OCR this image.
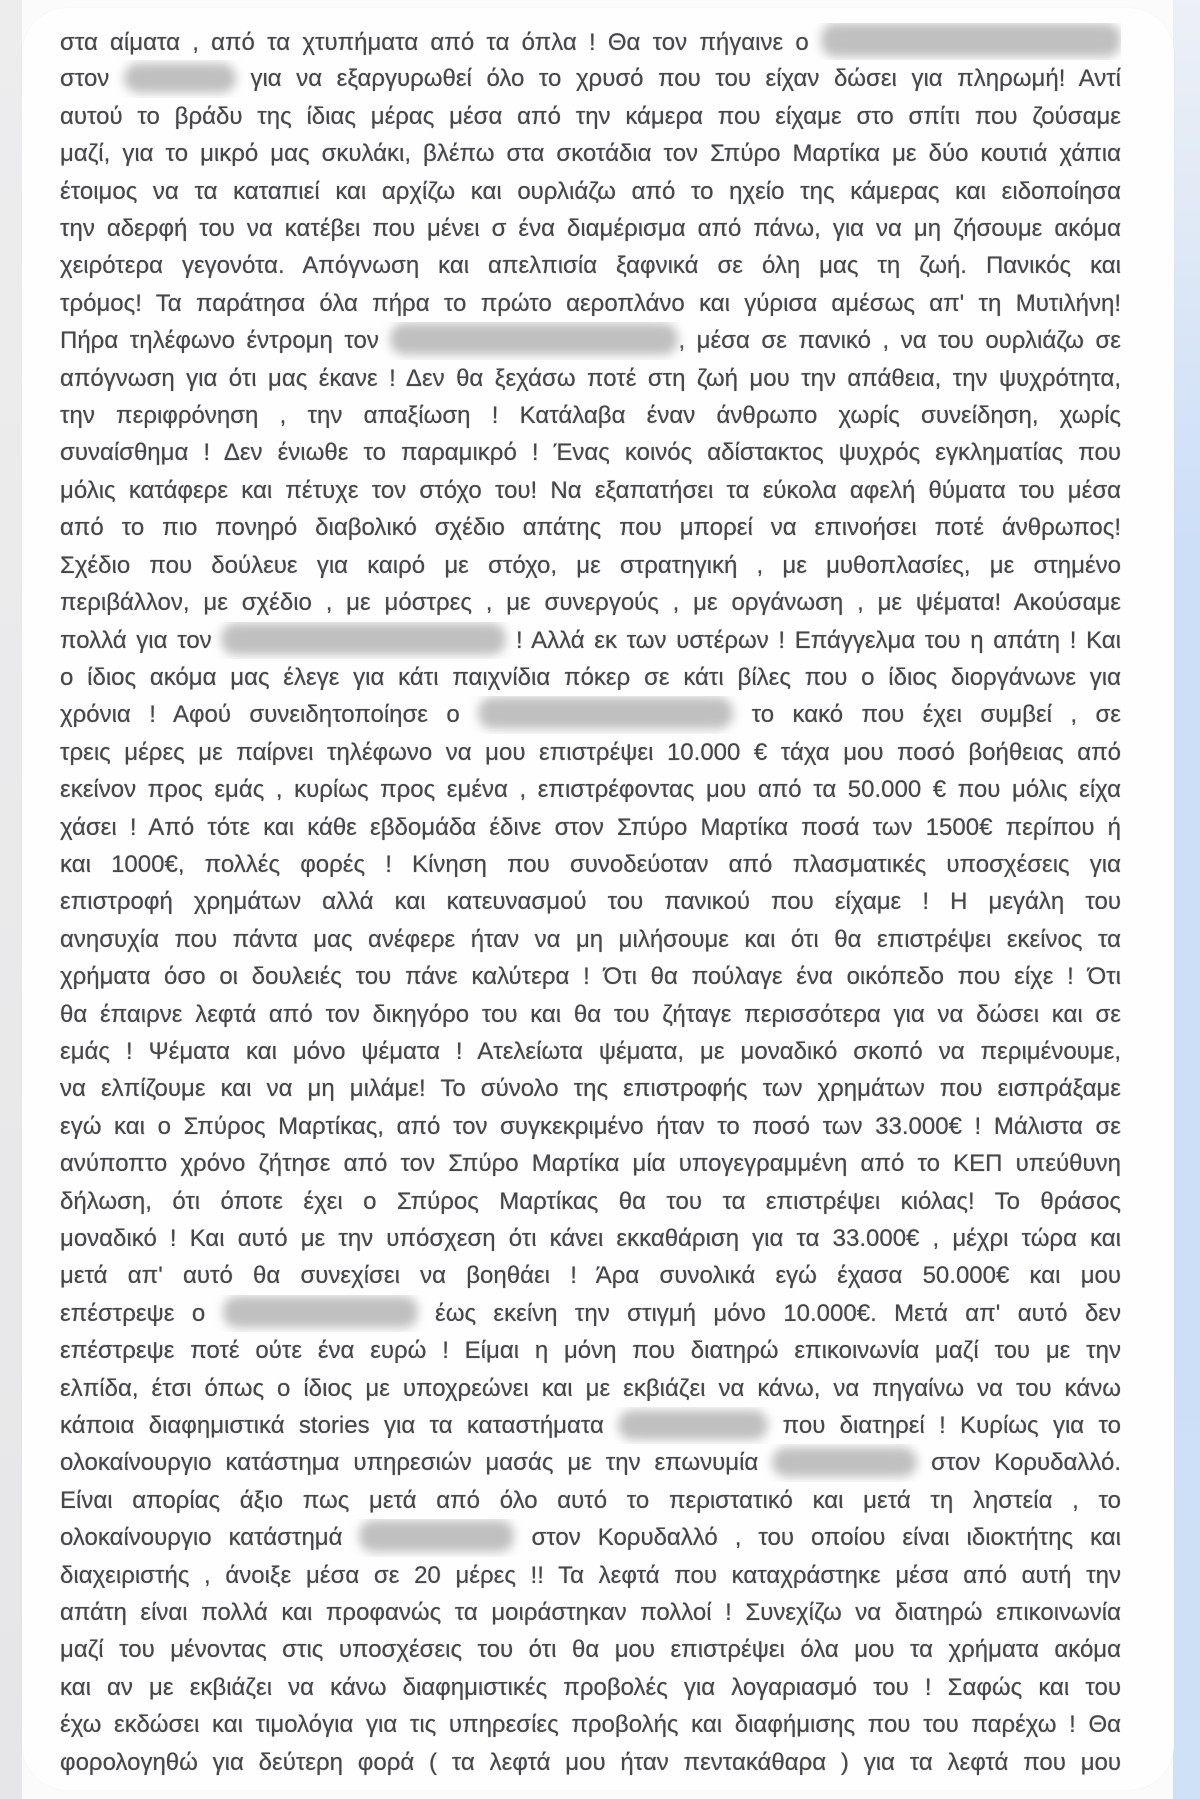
στα αίματα , από τα χτυπήματα από τα όπλα ! Θα τον πήγαινε ο
στον	για να εξαργυρωθεί όλο το χρυσό που του είχαν δώσει για πληρωμή! Αντί
αυτού το βράδυ της ίδιας μέρας μέσα από την κάμερα που είχαμε στο σπίτι που ζούσαμε
μαζί, για το μικρό μας σκυλάκι, βλέπω στα σκοτάδια τον Σπύρο Μαρτίκα με δύο κουτιά χάπια
έτοιμος να τα καταπιεί και αρχίζω και ουρλιάζω από το ηχείο της κάμερας και ειδοποίησα
την αδερφή του να κατέβει που μένει σ ένα διαμέρισμα από πάνω, για να μη ζήσουμε ακόμα
χειρότερα γεγονότα. Απόγνωση και απελπισία ξαφνικά σε όλη μας τη ζωή. Πανικός και
τρόμος! Τα παράτησα όλα πήρα το πρώτο αεροπλάνο και γύρισα αμέσως απ' τη Μυτιλήνη!
Πήρα τηλέφωνο έντρομη τον	, μέσα σε πανικό , να του ουρλιάζω σε
απόγνωση για ότι μας έκανε ! Δεν θα ξεχάσω ποτέ στη ζωή μου την απάθεια, την ψυχρότητα,
την περιφρόνηση , την απαξίωση ! Κατάλαβα έναν άνθρωπο χωρίς συνείδηση, χωρίς
συναίσθημα ! Δεν ένιωθε το παραμικρό ! Ένας κοινός αδίστακτος ψυχρός εγκληματίας που
μόλις κατάφερε και πέτυχε τον στόχο του! Να εξαπατήσει τα εύκολα αφελή θύματα του μέσα
από το πιο πονηρό διαβολικό σχέδιο απάτης που μπορεί να επινοήσει ποτέ άνθρωπος!
Σχέδιο που δούλευε για καιρό με στόχο, με στρατηγική , με μυθοπλασίες, με στημένο
περιβάλλον, με σχέδιο , με μόστρες , με συνεργούς , με οργάνωση , με ψέματα! Ακούσαμε
πολλά για τον	! Αλλά εκ των υστέρων ! Επάγγελμα του η απάτη ! Και
ο ίδιος ακόμα μας έλεγε για κάτι παιχνίδια πόκερ σε κάτι βίλες που ο ίδιος διοργάνωνε για
χρόνια ! Αφού συνειδητοποίησε ο	το κακό που έχει συμβεί , σε
τρεις μέρες με παίρνει τηλέφωνο να μου επιστρέψει 10.000 € τάχα μου ποσό βοήθειας από
εκείνον προς εμάς , κυρίως προς εμένα , επιστρέφοντας μου από τα 50.000 € που μόλις είχα
χάσει ! Από τότε και κάθε εβδομάδα έδινε στον Σπύρο Μαρτίκα ποσά των 1500€ περίπου ή
και 1000€, πολλές φορές ! Κίνηση που συνοδεύοταν από πλασματικές υποσχέσεις για
επιστροφή χρημάτων αλλά και κατευνασμού του πανικού που είχαμε ! Η μεγάλη του
ανησυχία που πάντα μας ανέφερε ήταν να μη μιλήσουμε και ότι θα επιστρέψει εκείνος τα
χρήματα όσο οι δουλειές του πάνε καλύτερα ! Ότι θα πούλαγε ένα οικόπεδο που είχε ! Ότι
θα έπαιρνε λεφτά από τον δικηγόρο του και θα του ζήταγε περισσότερα για να δώσει και σε
εμάς ! Ψέματα και μόνο ψέματα ! Ατελείωτα ψέματα, με μοναδικό σκοπό να περιμένουμε,
να ελπίζουμε και να μη μιλάμε! Το σύνολο της επιστροφής των χρημάτων που εισπράξαμε
εγώ και ο Σπύρος Μαρτίκας, από τον συγκεκριμένο ήταν το ποσό των 33.000€ ! Μάλιστα σε
ανύποπτο χρόνο ζήτησε από τον Σπύρο Μαρτίκα μία υπογεγραμμένη από το ΚΕΠ υπεύθυνη
δήλωση, ότι όποτε έχει ο Σπύρος Μαρτίκας θα του τα επιστρέψει κιόλας! Το θράσος
μοναδικό ! Και αυτό με την υπόσχεση ότι κάνει εκκαθάριση για τα 33.000€ , μέχρι τώρα και
μετά απ' αυτό θα συνεχίσει να βοηθάει ! Άρα συνολικά εγώ έχασα 50.000€ και μου
επέστρεψε ο	έως εκείνη την στιγμή μόνο 10.000€. Μετά απ' αυτό δεν
επέστρεψε ποτέ ούτε ένα ευρώ ! Είμαι η μόνη που διατηρώ επικοινωνία μαζί του με την
ελπίδα, έτσι όπως ο ίδιος με υποχρεώνει και με εκβιάζει να κάνω, να πηγαίνω να του κάνω
κάποια διαφημιστικά stories για τα καταστήματα	που διατηρεί ! Κυρίως για το
ολοκαίνουργιο κατάστημα υπηρεσιών μασάς με την επωνυμία	στον Κορυδαλλό.
Είναι απορίας άξιο πως μετά από όλο αυτό το περιστατικό και μετά τη ληστεία , το
ολοκαίνουργιο κατάστημά	στον Κορυδαλλό , του οποίου είναι ιδιοκτήτης και
διαχειριστής , άνοιξε μέσα σε 20 μέρες !! Τα λεφτά που καταχράστηκε μέσα από αυτή την
απάτη είναι πολλά και προφανώς τα μοιράστηκαν πολλοί ! Συνεχίζω να διατηρώ επικοινωνία
μαζί του μένοντας στις υποσχέσεις του ότι θα μου επιστρέψει όλα μου τα χρήματα ακόμα
και αν με εκβιάζει να κάνω διαφημιστικές προβολές για λογαριασμό του ! Σαφώς και του
έχω εκδώσει και τιμολόγια για τις υπηρεσίες προβολής και διαφήμισης που του παρέχω ! Θα
φορολογηθώ για δεύτερη φορά ( τα λεφτά μου ήταν πεντακάθαρα ) για τα λεφτά που μου
